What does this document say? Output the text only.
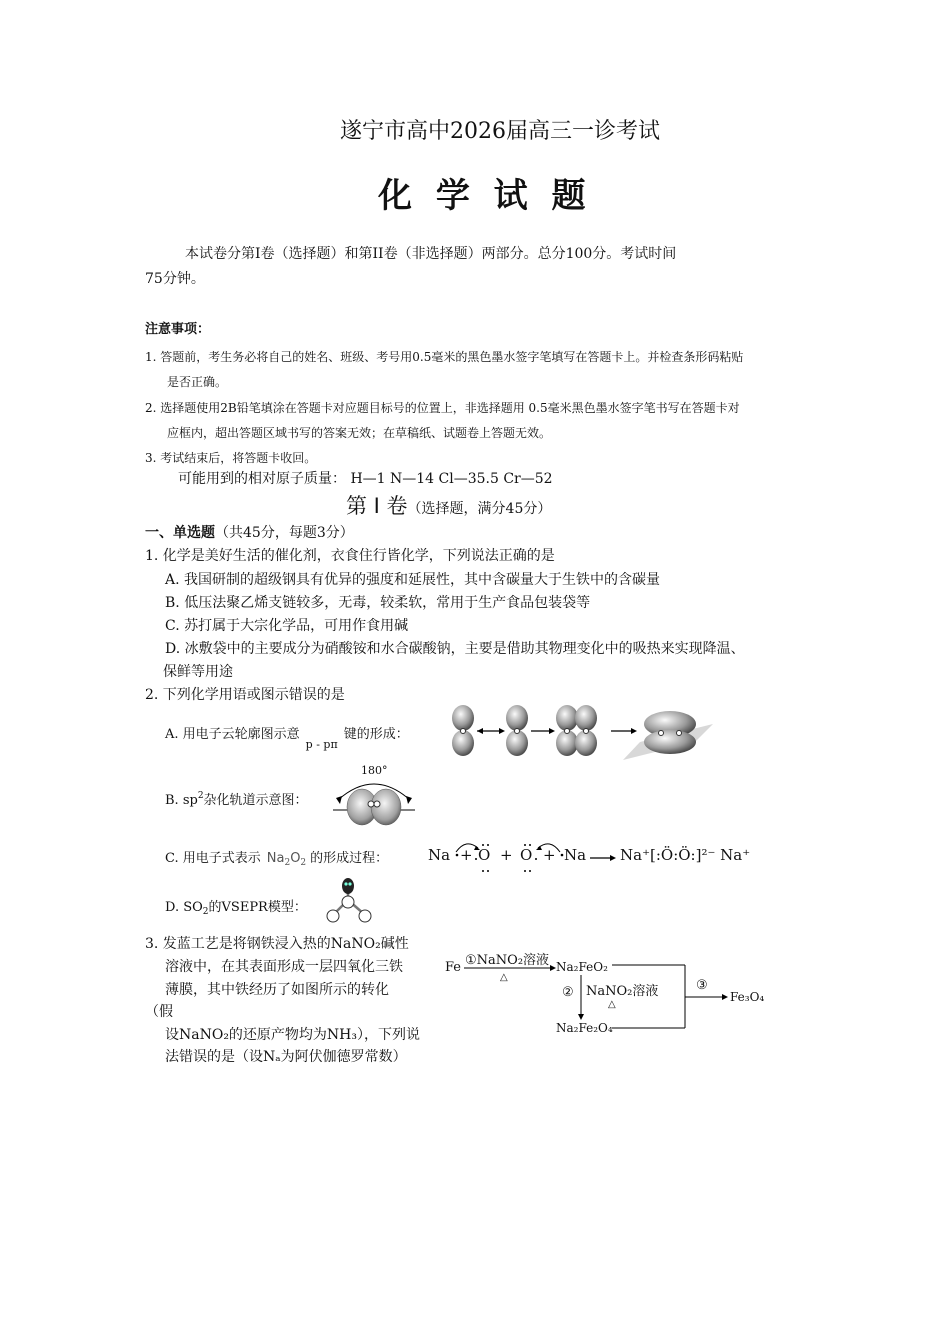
遂宁市高中2026届高三一诊考试
化 学 试 题
本试卷分第I卷（选择题）和第II卷（非选择题）两部分。总分100分。考试时间
75分钟。
注意事项：
1. 答题前，考生务必将自己的姓名、班级、考号用0.5毫米的黑色墨水签字笔填写在答题卡上。并检查条形码粘贴
是否正确。
2. 选择题使用2B铅笔填涂在答题卡对应题目标号的位置上，非选择题用 0.5毫米黑色墨水签字笔书写在答题卡对
应框内，超出答题区域书写的答案无效；在草稿纸、试题卷上答题无效。
3. 考试结束后，将答题卡收回。
可能用到的相对原子质量： H—1 N—14 Cl—35.5 Cr—52
第 I 卷（选择题，满分45分）
一、单选题（共45分，每题3分）
1. 化学是美好生活的催化剂，衣食住行皆化学，下列说法正确的是
A. 我国研制的超级钢具有优异的强度和延展性，其中含碳量大于生铁中的含碳量
B. 低压法聚乙烯支链较多，无毒，较柔软，常用于生产食品包装袋等
C. 苏打属于大宗化学品，可用作食用碱
D. 冰敷袋中的主要成分为硝酸铵和水合碳酸钠，主要是借助其物理变化中的吸热来实现降温、
保鲜等用途
2. 下列化学用语或图示错误的是
A. 用电子云轮廓图示意$_{p - p\pi}$键的形成：
B. $sp^2$杂化轨道示意图：
180°
C. 用电子式表示 $Na_2O_2$ 的形成过程：	Na + O + O + Na Na⁺[:Ö:Ö:]²⁻ Na⁺
D. $SO_2$的VSEPR模型：
3. 发蓝工艺是将钢铁浸入热的NaNO₂碱性
溶液中，在其表面形成一层四氧化三铁
薄膜，其中铁经历了如图所示的转化
（假
设NaNO₂的还原产物均为NH₃），下列说
法错误的是（设Nₐ为阿伏伽德罗常数）
Fe ①NaNO₂溶液
△
Na₂FeO₂
② NaNO₂溶液
△
Na₂Fe₂O₄
③
Fe₃O₄
